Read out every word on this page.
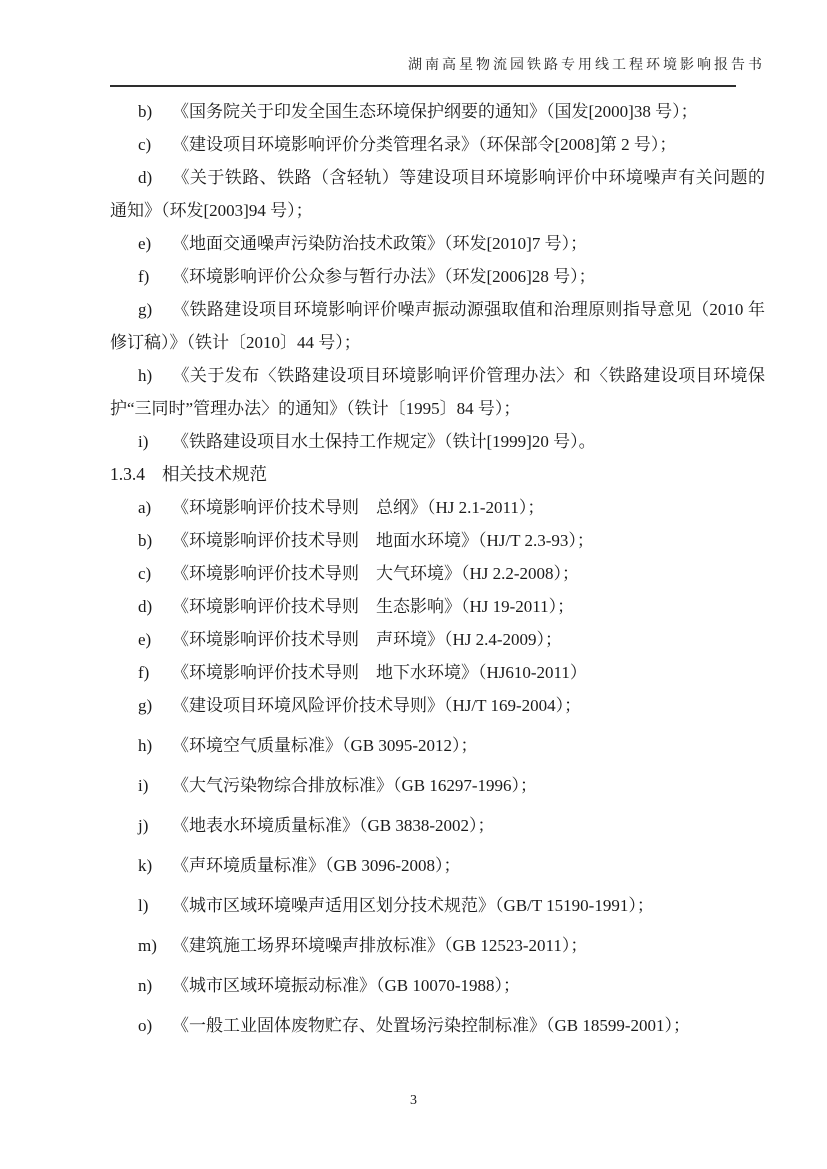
湖南高星物流园铁路专用线工程环境影响报告书

b) 《国务院关于印发全国生态环境保护纲要的通知》（国发[2000]38 号）；

c) 《建设项目环境影响评价分类管理名录》（环保部令[2008]第 2 号）；

d) 《关于铁路、铁路（含轻轨）等建设项目环境影响评价中环境噪声有关问题的通知》（环发[2003]94 号）；

e) 《地面交通噪声污染防治技术政策》（环发[2010]7 号）；

f) 《环境影响评价公众参与暂行办法》（环发[2006]28 号）；

g) 《铁路建设项目环境影响评价噪声振动源强取值和治理原则指导意见（2010 年修订稿）》（铁计〔2010〕44 号）；

h) 《关于发布〈铁路建设项目环境影响评价管理办法〉和〈铁路建设项目环境保护“三同时”管理办法〉的通知》（铁计〔1995〕84 号）；

i) 《铁路建设项目水土保持工作规定》（铁计[1999]20 号）。

1.3.4 相关技术规范

a) 《环境影响评价技术导则　总纲》（HJ 2.1-2011）；

b) 《环境影响评价技术导则　地面水环境》（HJ/T 2.3-93）；

c) 《环境影响评价技术导则　大气环境》（HJ 2.2-2008）；

d) 《环境影响评价技术导则　生态影响》（HJ 19-2011）；

e) 《环境影响评价技术导则　声环境》（HJ 2.4-2009）；

f) 《环境影响评价技术导则　地下水环境》（HJ610-2011）

g) 《建设项目环境风险评价技术导则》（HJ/T 169-2004）；

h) 《环境空气质量标准》（GB 3095-2012）；

i) 《大气污染物综合排放标准》（GB 16297-1996）；

j) 《地表水环境质量标准》（GB 3838-2002）；

k) 《声环境质量标准》（GB 3096-2008）；

l) 《城市区域环境噪声适用区划分技术规范》（GB/T 15190-1991）；

m) 《建筑施工场界环境噪声排放标准》（GB 12523-2011）；

n) 《城市区域环境振动标准》（GB 10070-1988）；

o) 《一般工业固体废物贮存、处置场污染控制标准》（GB 18599-2001）；

3
